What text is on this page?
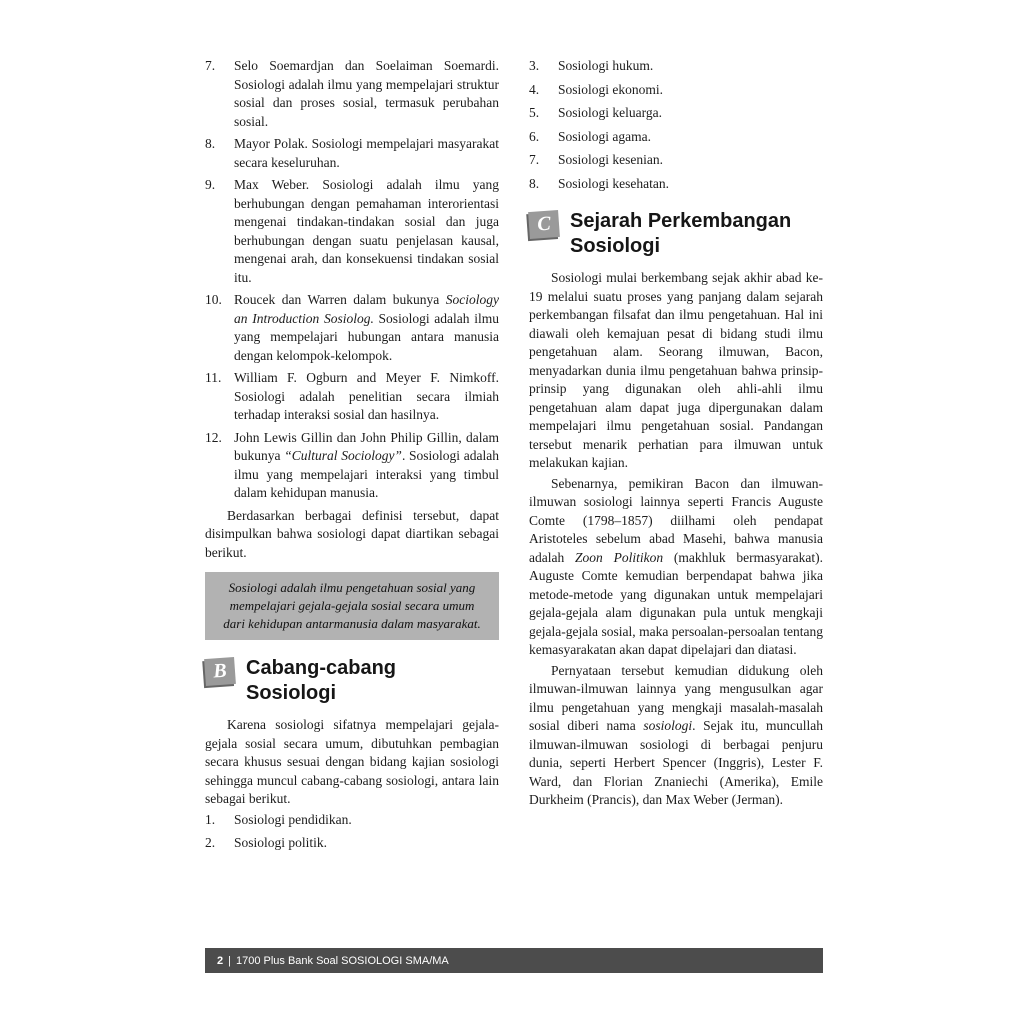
7.	Selo Soemardjan dan Soelaiman Soemardi. Sosiologi adalah ilmu yang mempelajari struktur sosial dan proses sosial, termasuk perubahan sosial.
8.	Mayor Polak. Sosiologi mempelajari masyarakat secara keseluruhan.
9.	Max Weber. Sosiologi adalah ilmu yang berhubungan dengan pemahaman interorientasi mengenai tindakan-tindakan sosial dan juga berhubungan dengan suatu penjelasan kausal, mengenai arah, dan konsekuensi tindakan sosial itu.
10. Roucek dan Warren dalam bukunya Sociology an Introduction Sosiolog. Sosiologi adalah ilmu yang mempelajari hubungan antara manusia dengan kelompok-kelompok.
11. William F. Ogburn and Meyer F. Nimkoff. Sosiologi adalah penelitian secara ilmiah terhadap interaksi sosial dan hasilnya.
12. John Lewis Gillin dan John Philip Gillin, dalam bukunya “Cultural Sociology”. Sosiologi adalah ilmu yang mempelajari interaksi yang timbul dalam kehidupan manusia.

Berdasarkan berbagai definisi tersebut, dapat disimpulkan bahwa sosiologi dapat diartikan sebagai berikut.

Sosiologi adalah ilmu pengetahuan sosial yang mempelajari gejala-gejala sosial secara umum dari kehidupan antarmanusia dalam masyarakat.
B Cabang-cabang
Sosiologi

Karena sosiologi sifatnya mempelajari gejala-gejala sosial secara umum, dibutuhkan pembagian secara khusus sesuai dengan bidang kajian sosiologi sehingga muncul cabang-cabang sosiologi, antara lain sebagai berikut.

1.	Sosiologi pendidikan.
2.	Sosiologi politik.
3.	Sosiologi hukum.
4.	Sosiologi ekonomi.
5.	Sosiologi keluarga.
6.	Sosiologi agama.
7.	Sosiologi kesenian.
8.	Sosiologi kesehatan.
C Sejarah Perkembangan
Sosiologi

Sosiologi mulai berkembang sejak akhir abad ke-19 melalui suatu proses yang panjang dalam sejarah perkembangan filsafat dan ilmu pengetahuan. Hal ini diawali oleh kemajuan pesat di bidang studi ilmu pengetahuan alam. Seorang ilmuwan, Bacon, menyadarkan dunia ilmu pengetahuan bahwa prinsip-prinsip yang digunakan oleh ahli-ahli ilmu pengetahuan alam dapat juga dipergunakan dalam mempelajari ilmu pengetahuan sosial. Pandangan tersebut menarik perhatian para ilmuwan untuk melakukan kajian.

Sebenarnya, pemikiran Bacon dan ilmuwan-ilmuwan sosiologi lainnya seperti Francis Auguste Comte (1798–1857) diilhami oleh pendapat Aristoteles sebelum abad Masehi, bahwa manusia adalah Zoon Politikon (makhluk bermasyarakat). Auguste Comte kemudian berpendapat bahwa jika metode-metode yang digunakan untuk mempelajari gejala-gejala alam digunakan pula untuk mengkaji gejala-gejala sosial, maka persoalan-persoalan tentang kemasyarakatan akan dapat dipelajari dan diatasi.

Pernyataan tersebut kemudian didukung oleh ilmuwan-ilmuwan lainnya yang mengusulkan agar ilmu pengetahuan yang mengkaji masalah-masalah sosial diberi nama sosiologi. Sejak itu, muncullah ilmuwan-ilmuwan sosiologi di berbagai penjuru dunia, seperti Herbert Spencer (Inggris), Lester F. Ward, dan Florian Znaniechi (Amerika), Emile Durkheim (Prancis), dan Max Weber (Jerman).

2 | 1700 Plus Bank Soal SOSIOLOGI SMA/MA
